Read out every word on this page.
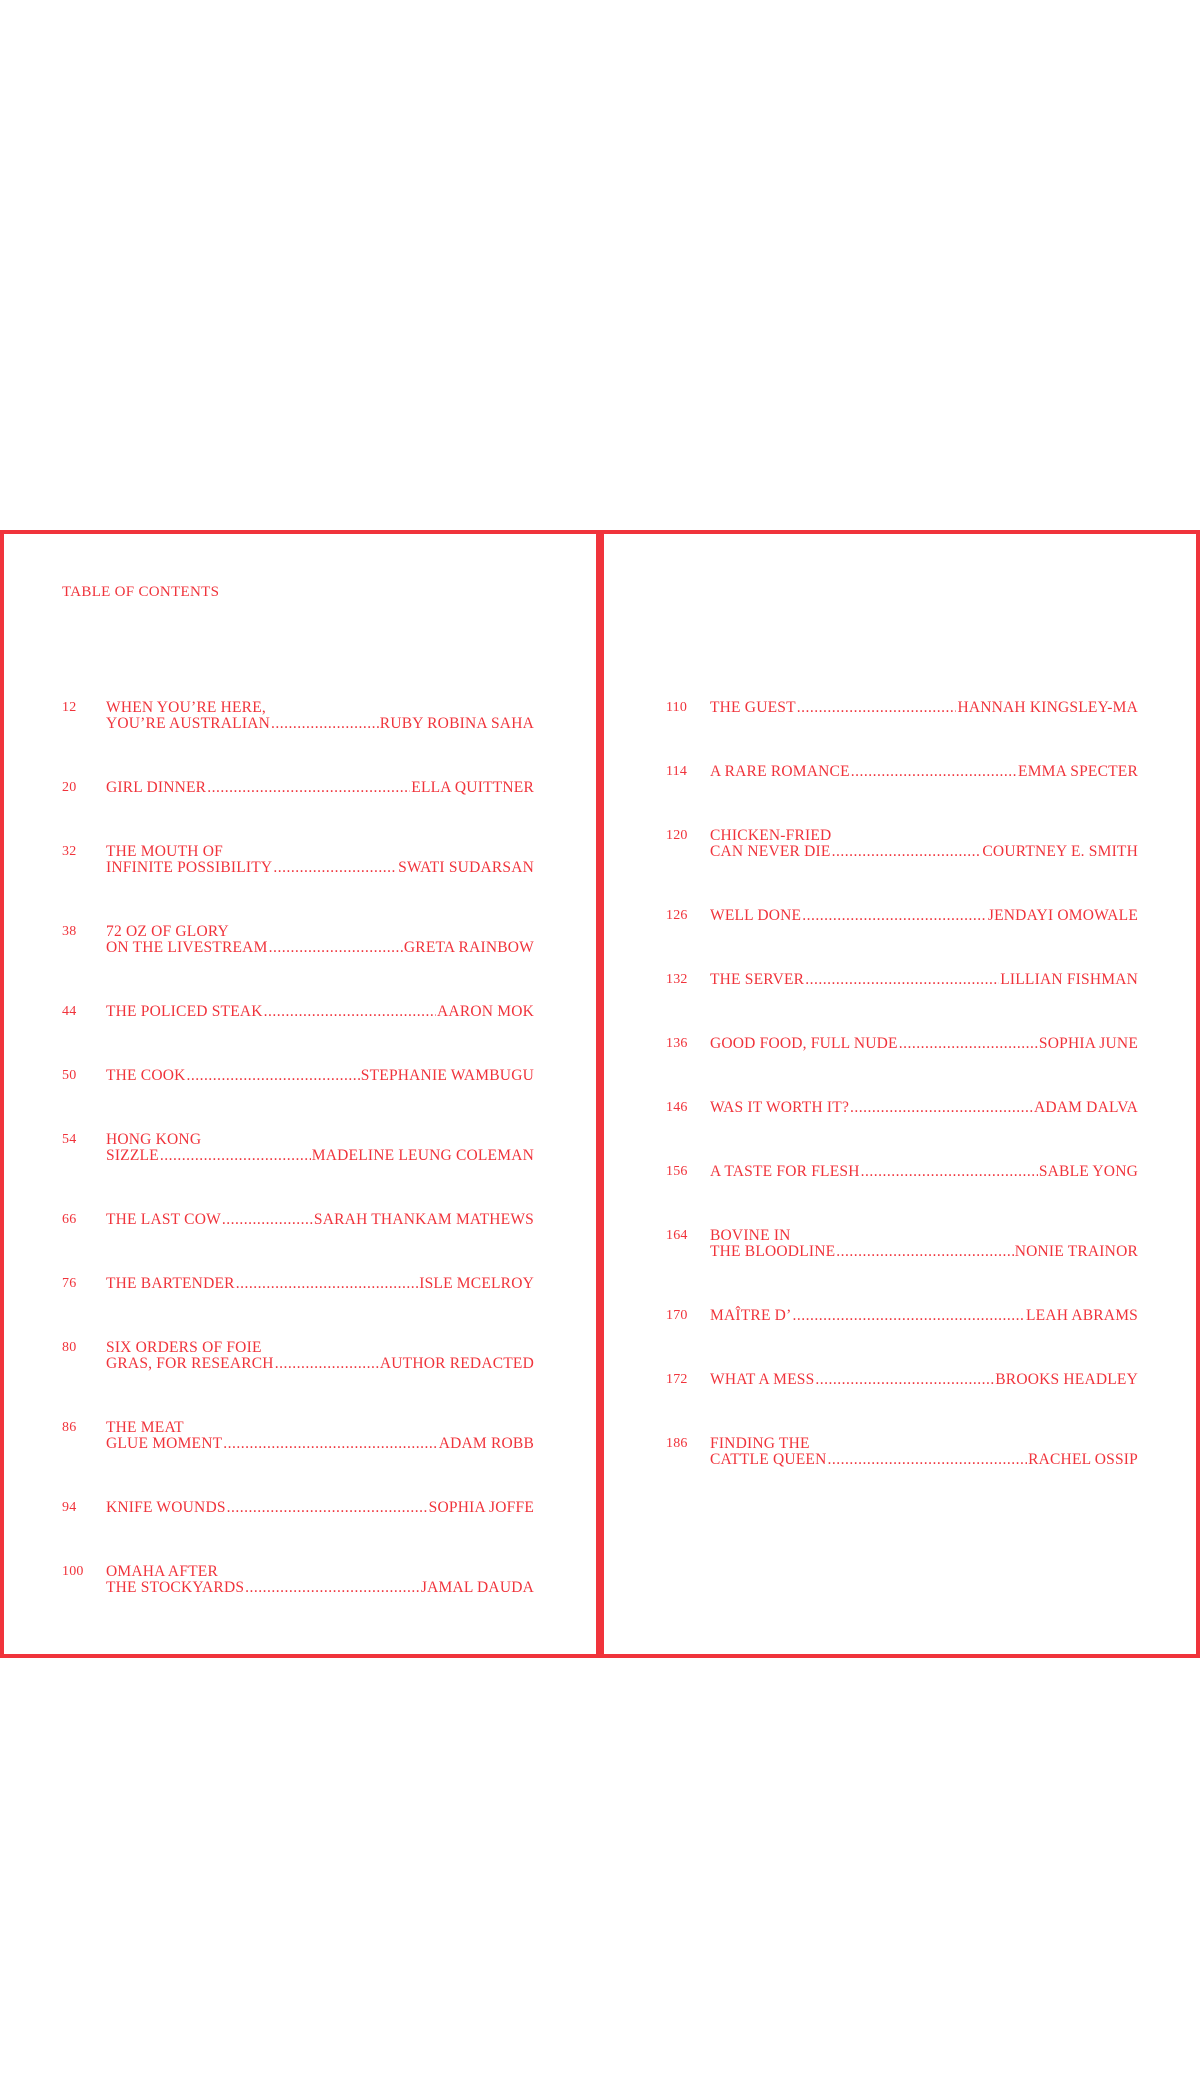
TABLE OF CONTENTS
12	WHEN YOU’RE HERE,
YOU’RE AUSTRALIAN .....	RUBY ROBINA SAHA
20	GIRL DINNER .....	ELLA QUITTNER
32	THE MOUTH OF
INFINITE POSSIBILITY .....	SWATI SUDARSAN
38	72 OZ OF GLORY
ON THE LIVESTREAM .....	GRETA RAINBOW
44	THE POLICED STEAK .....	AARON MOK
50	THE COOK .....	STEPHANIE WAMBUGU
54	HONG KONG
SIZZLE .....	MADELINE LEUNG COLEMAN
66	THE LAST COW .....	SARAH THANKAM MATHEWS
76	THE BARTENDER .....	ISLE MCELROY
80	SIX ORDERS OF FOIE
GRAS, FOR RESEARCH .....	AUTHOR REDACTED
86	THE MEAT
GLUE MOMENT .....	ADAM ROBB
94	KNIFE WOUNDS .....	SOPHIA JOFFE
100	OMAHA AFTER
THE STOCKYARDS .....	JAMAL DAUDA
110	THE GUEST .....	HANNAH KINGSLEY-MA
114	A RARE ROMANCE .....	EMMA SPECTER
120	CHICKEN-FRIED
CAN NEVER DIE .....	COURTNEY E. SMITH
126	WELL DONE .....	JENDAYI OMOWALE
132	THE SERVER .....	LILLIAN FISHMAN
136	GOOD FOOD, FULL NUDE .....	SOPHIA JUNE
146	WAS IT WORTH IT? .....	ADAM DALVA
156	A TASTE FOR FLESH .....	SABLE YONG
164	BOVINE IN
THE BLOODLINE .....	NONIE TRAINOR
170	MAÎTRE D’ .....	LEAH ABRAMS
172	WHAT A MESS .....	BROOKS HEADLEY
186	FINDING THE
CATTLE QUEEN .....	RACHEL OSSIP
